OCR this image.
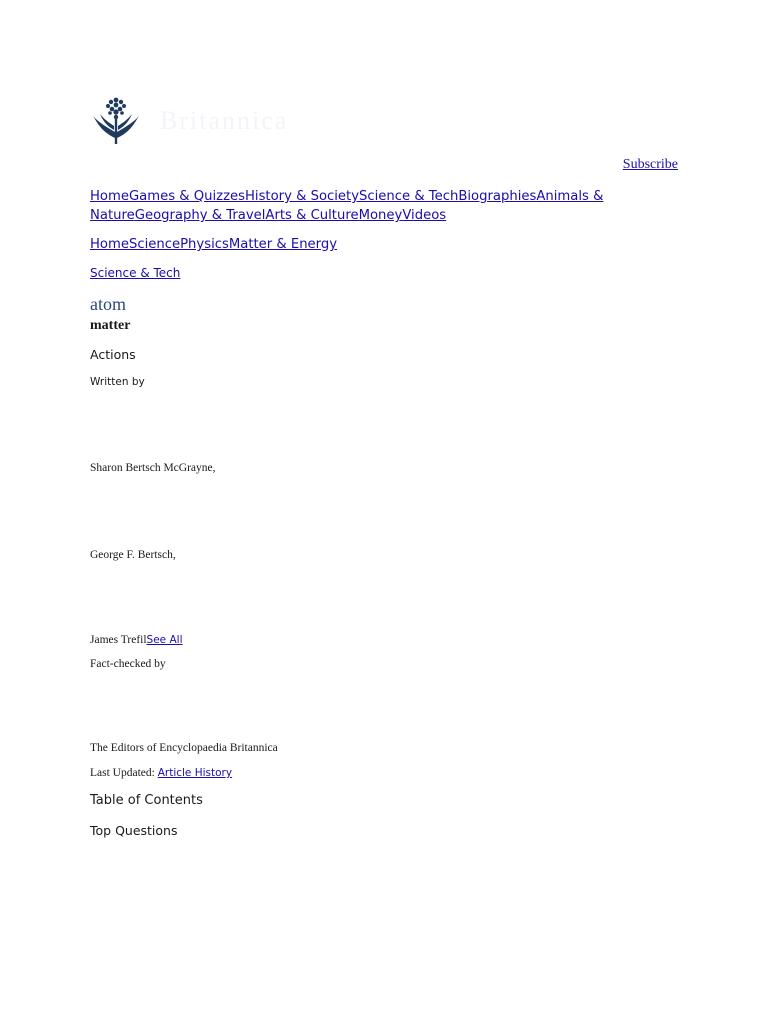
Britannica
Subscribe
HomeGames & QuizzesHistory & SocietyScience & TechBiographiesAnimals & NatureGeography & TravelArts & CultureMoneyVideos
HomeSciencePhysicsMatter & Energy
Science & Tech
atom
matter
Actions
Written by
Sharon Bertsch McGrayne,
George F. Bertsch,
James TrefilSee All
Fact-checked by
The Editors of Encyclopaedia Britannica
Last Updated: Article History
Table of Contents
Top Questions
